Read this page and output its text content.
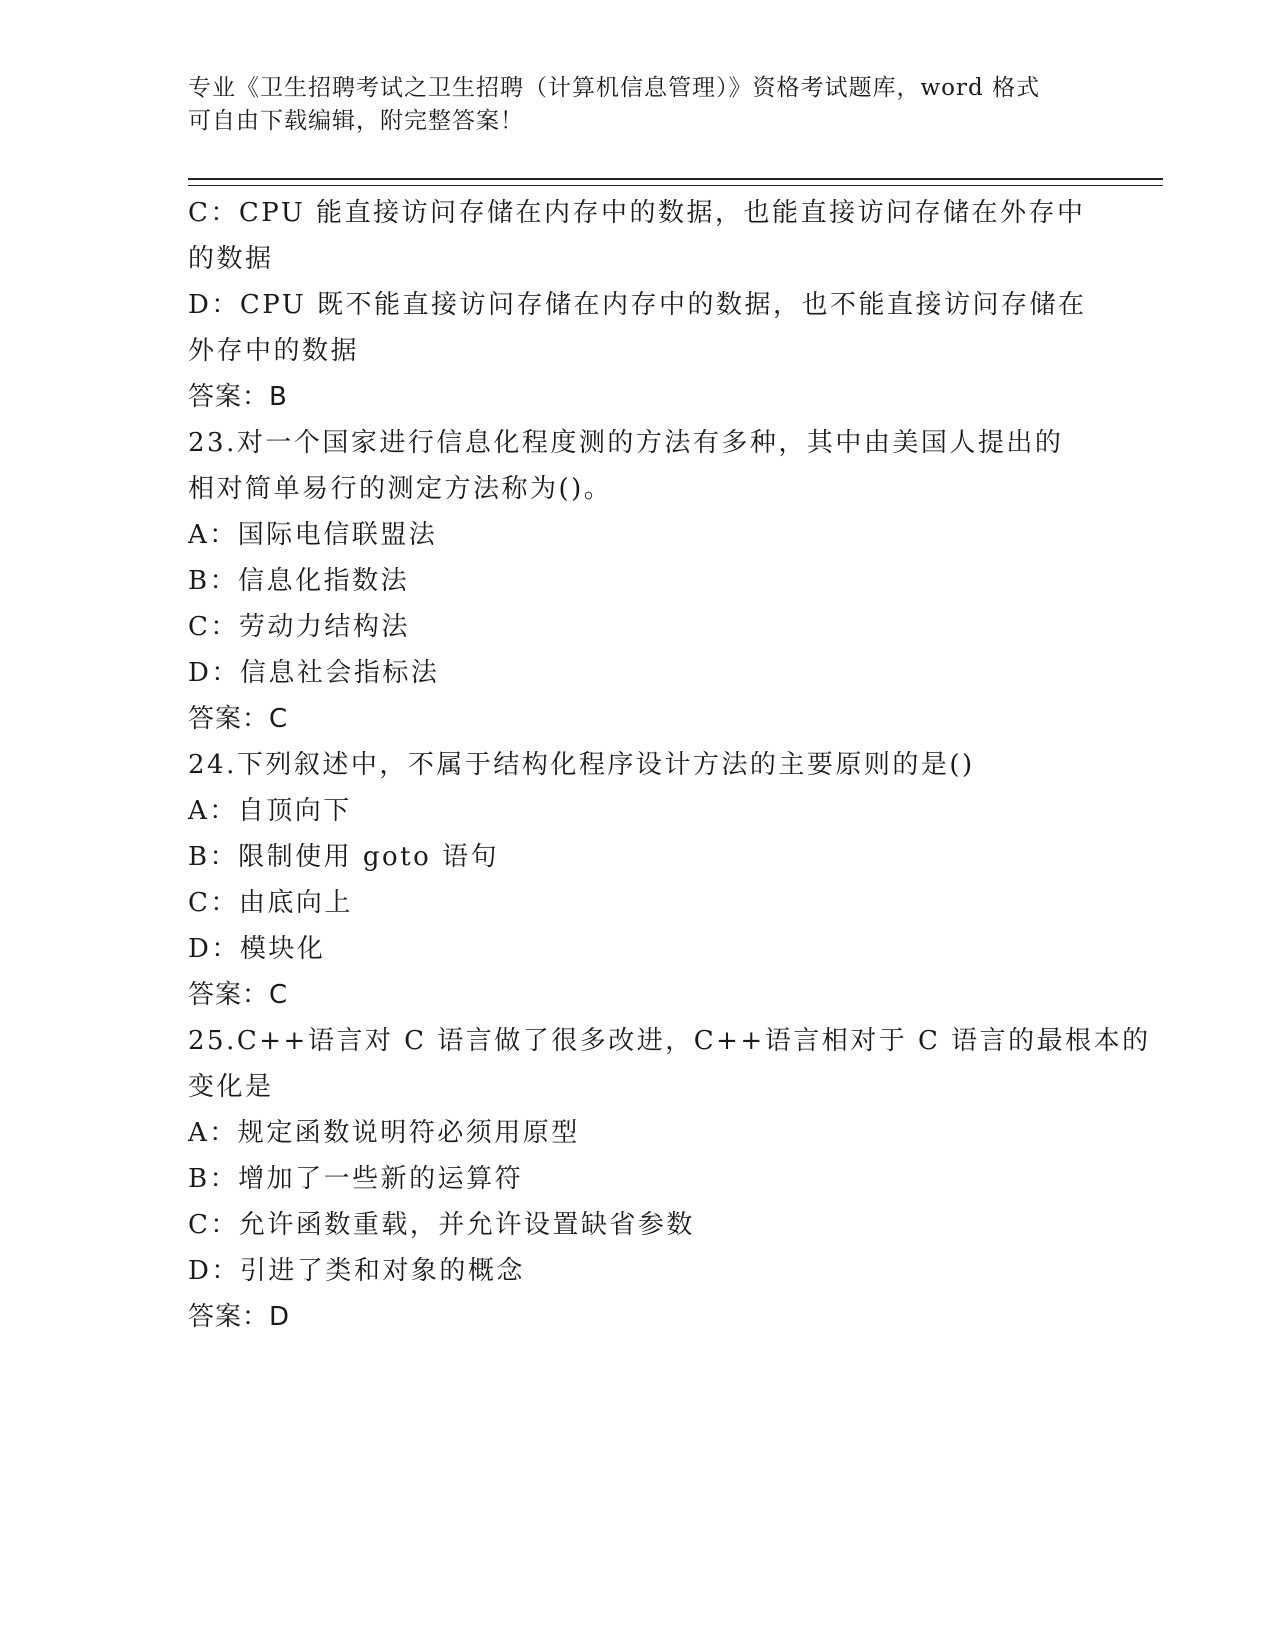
专业《卫生招聘考试之卫生招聘（计算机信息管理）》资格考试题库，word 格式
可自由下载编辑，附完整答案！
C：CPU 能直接访问存储在内存中的数据，也能直接访问存储在外存中
的数据
D：CPU 既不能直接访问存储在内存中的数据，也不能直接访问存储在
外存中的数据
答案：B
23.对一个国家进行信息化程度测的方法有多种，其中由美国人提出的
相对简单易行的测定方法称为()。
A：国际电信联盟法
B：信息化指数法
C：劳动力结构法
D：信息社会指标法
答案：C
24.下列叙述中，不属于结构化程序设计方法的主要原则的是()
A：自顶向下
B：限制使用 goto 语句
C：由底向上
D：模块化
答案：C
25.C++语言对 C 语言做了很多改进，C++语言相对于 C 语言的最根本的
变化是
A：规定函数说明符必须用原型
B：增加了一些新的运算符
C：允许函数重载，并允许设置缺省参数
D：引进了类和对象的概念
答案：D
